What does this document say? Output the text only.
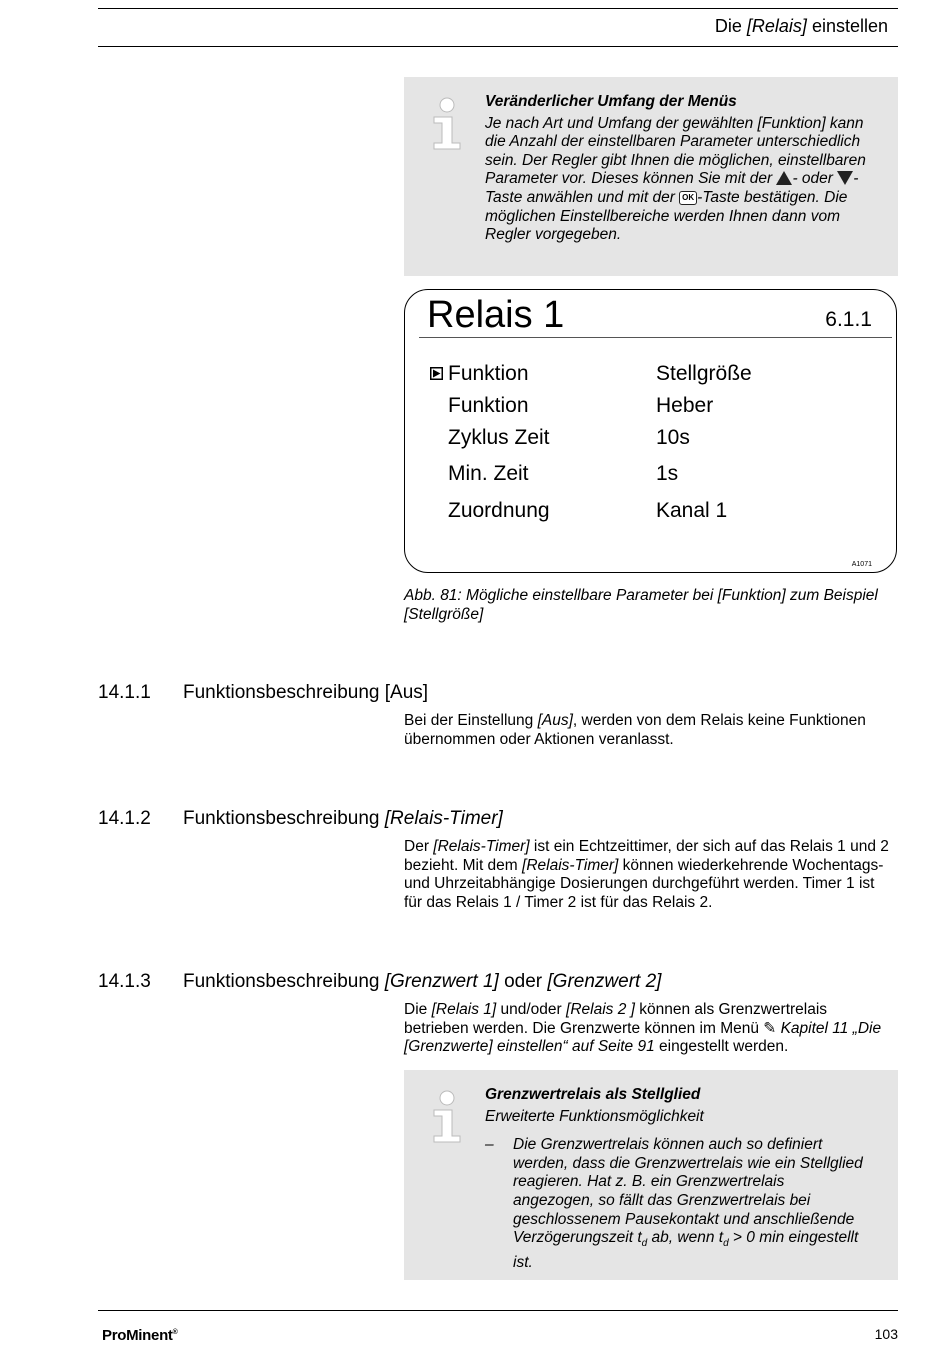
Die [Relais] einstellen
Veränderlicher Umfang der Menüs
Je nach Art und Umfang der gewählten [Funktion] kann die Anzahl der einstellbaren Parameter unterschiedlich sein. Der Regler gibt Ihnen die möglichen, einstellbaren Parameter vor. Dieses können Sie mit der - oder -Taste anwählen und mit der OK -Taste bestätigen. Die möglichen Einstellbereiche werden Ihnen dann vom Regler vorgegeben.
Relais 1	6.1.1
Funktion	Stellgröße
Funktion	Heber
Zyklus Zeit	10s
Min. Zeit	1s
Zuordnung	Kanal 1
A1071
Abb. 81: Mögliche einstellbare Parameter bei [Funktion] zum Beispiel [Stellgröße]
14.1.1 Funktionsbeschreibung [Aus]
Bei der Einstellung [Aus], werden von dem Relais keine Funktionen übernommen oder Aktionen veranlasst.
14.1.2 Funktionsbeschreibung [Relais-Timer]
Der [Relais-Timer] ist ein Echtzeittimer, der sich auf das Relais 1 und 2 bezieht. Mit dem [Relais-Timer] können wiederkehrende Wochentags- und Uhrzeitabhängige Dosierungen durchgeführt werden. Timer 1 ist für das Relais 1 / Timer 2 ist für das Relais 2.
14.1.3 Funktionsbeschreibung [Grenzwert 1] oder [Grenzwert 2]
Die [Relais 1] und/oder [Relais 2 ] können als Grenzwertrelais betrieben werden. Die Grenzwerte können im Menü ✎ Kapitel 11 „Die [Grenzwerte] einstellen“ auf Seite 91 eingestellt werden.
Grenzwertrelais als Stellglied
Erweiterte Funktionsmöglichkeit
– Die Grenzwertrelais können auch so definiert werden, dass die Grenzwertrelais wie ein Stellglied reagieren. Hat z. B. ein Grenzwertrelais angezogen, so fällt das Grenzwertrelais bei geschlossenem Pausekontakt und anschließende Verzögerungszeit $t_d$ ab, wenn $t_d > 0$ min eingestellt ist.
ProMinent®	103
